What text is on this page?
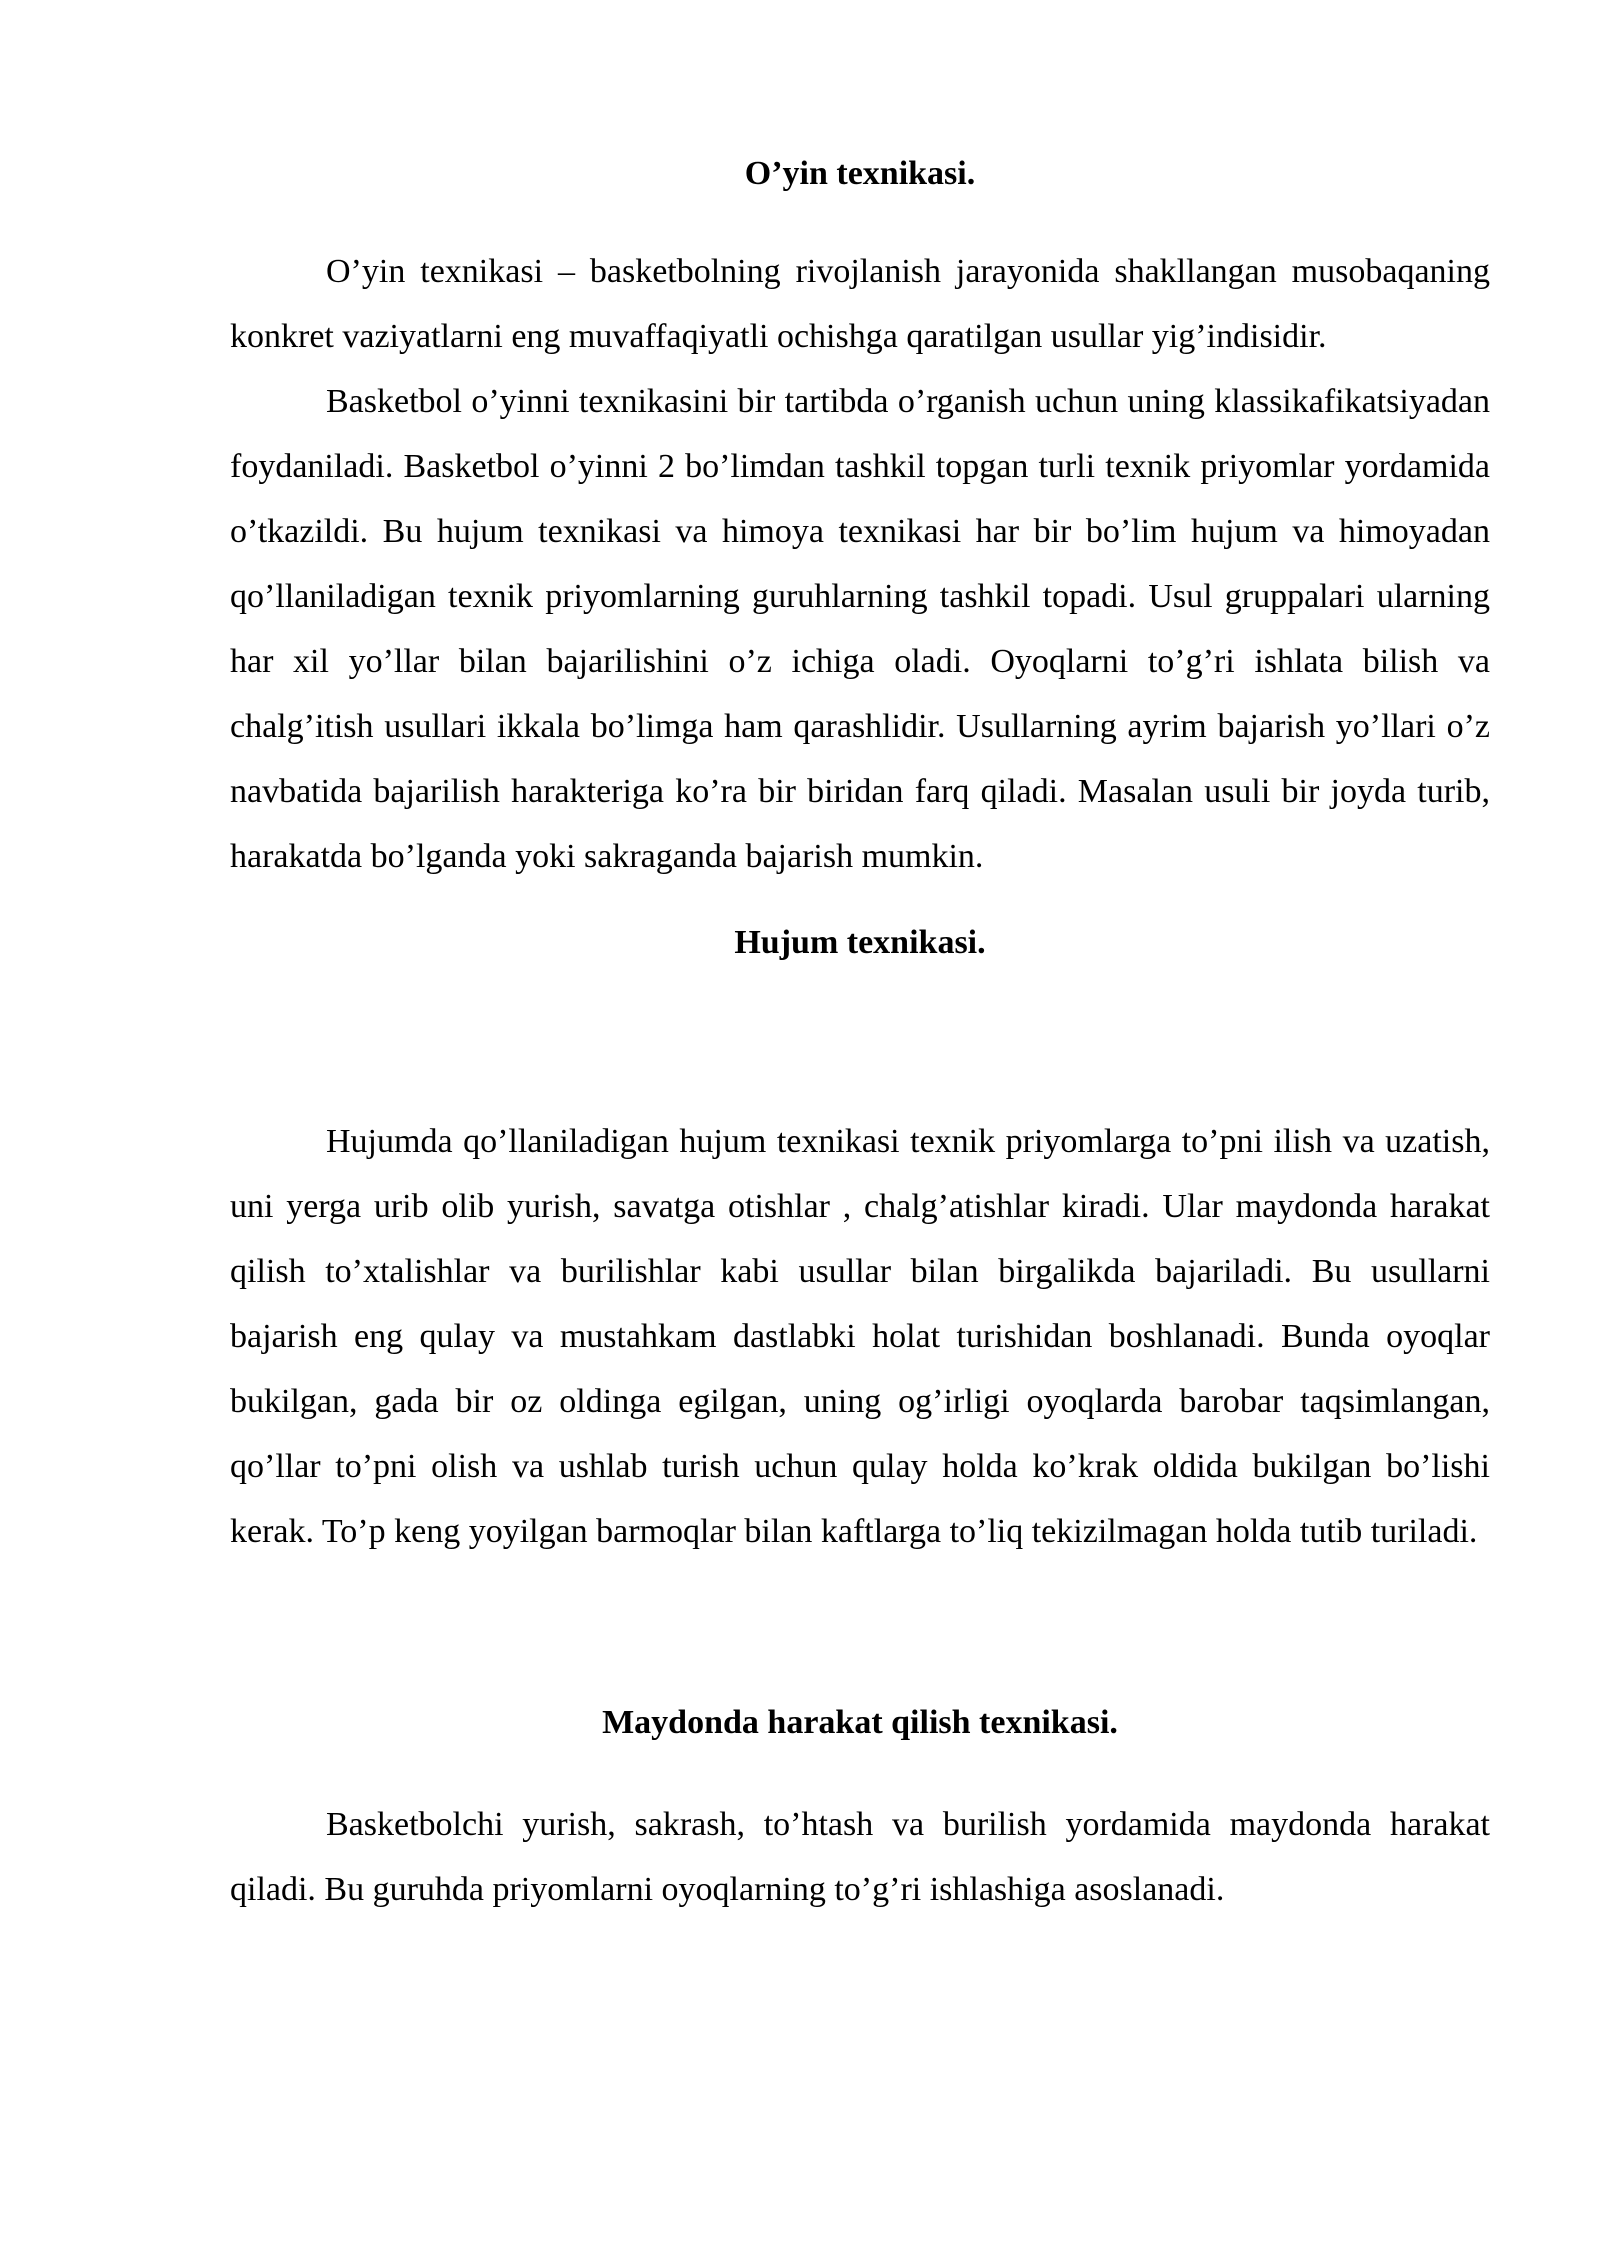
O’yin texnikasi.

O’yin texnikasi – basketbolning rivojlanish jarayonida shakllangan musobaqaning konkret vaziyatlarni eng muvaffaqiyatli ochishga qaratilgan usullar yig’indisidir.

Basketbol o’yinni texnikasini bir tartibda o’rganish uchun uning klassikafikatsiyadan foydaniladi. Basketbol o’yinni 2 bo’limdan tashkil topgan turli texnik priyomlar yordamida o’tkazildi. Bu hujum texnikasi va himoya texnikasi har bir bo’lim hujum va himoyadan qo’llaniladigan texnik priyomlarning guruhlarning tashkil topadi. Usul gruppalari ularning har xil yo’llar bilan bajarilishini o’z ichiga oladi. Oyoqlarni to’g’ri ishlata bilish va chalg’itish usullari ikkala bo’limga ham qarashlidir. Usullarning ayrim bajarish yo’llari o’z navbatida bajarilish harakteriga ko’ra bir biridan farq qiladi. Masalan usuli bir joyda turib, harakatda bo’lganda yoki sakraganda bajarish mumkin.

Hujum texnikasi.

Hujumda qo’llaniladigan hujum texnikasi texnik priyomlarga to’pni ilish va uzatish, uni yerga urib olib yurish, savatga otishlar , chalg’atishlar kiradi. Ular maydonda harakat qilish to’xtalishlar va burilishlar kabi usullar bilan birgalikda bajariladi. Bu usullarni bajarish eng qulay va mustahkam dastlabki holat turishidan boshlanadi. Bunda oyoqlar bukilgan, gada bir oz oldinga egilgan, uning og’irligi oyoqlarda barobar taqsimlangan, qo’llar to’pni olish va ushlab turish uchun qulay holda ko’krak oldida bukilgan bo’lishi kerak. To’p keng yoyilgan barmoqlar bilan kaftlarga to’liq tekizilmagan holda tutib turiladi.

Maydonda harakat qilish texnikasi.

Basketbolchi yurish, sakrash, to’htash va burilish yordamida maydonda harakat qiladi. Bu guruhda priyomlarni oyoqlarning to’g’ri ishlashiga asoslanadi.
